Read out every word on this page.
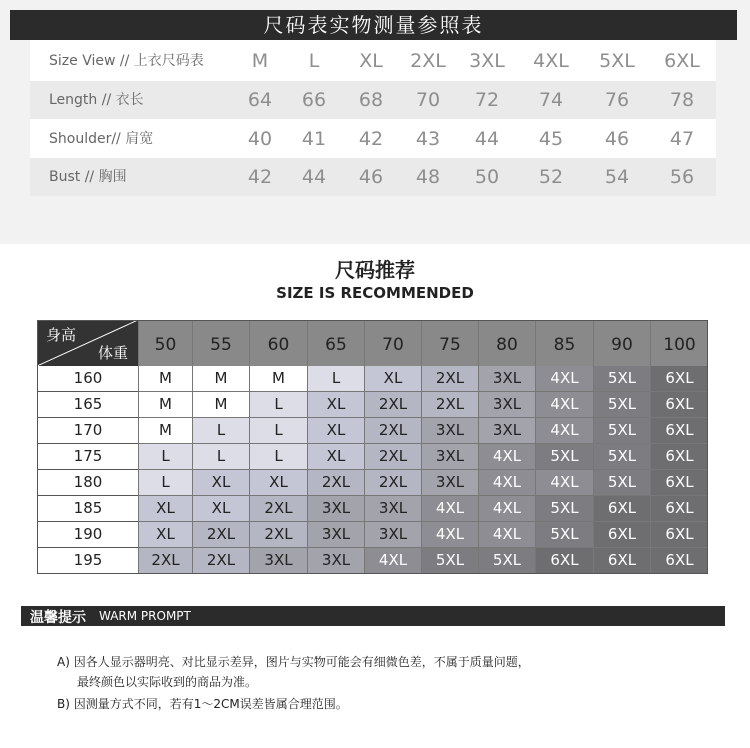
尺码表实物测量参照表
Size View // 上衣尺码表	M	L	XL	2XL	3XL	4XL	5XL	6XL
Length // 衣长	64	66	68	70	72	74	76	78
Shoulder// 肩宽	40	41	42	43	44	45	46	47
Bust // 胸围	42	44	46	48	50	52	54	56
尺码推荐
SIZE IS RECOMMENDED
身高
体重	50	55	60	65	70	75	80	85	90	100
160	M	M	M	L	XL	2XL	3XL	4XL	5XL	6XL
165	M	M	L	XL	2XL	2XL	3XL	4XL	5XL	6XL
170	M	L	L	XL	2XL	3XL	3XL	4XL	5XL	6XL
175	L	L	L	XL	2XL	3XL	4XL	5XL	5XL	6XL
180	L	XL	XL	2XL	2XL	3XL	4XL	4XL	5XL	6XL
185	XL	XL	2XL	3XL	3XL	4XL	4XL	5XL	6XL	6XL
190	XL	2XL	2XL	3XL	3XL	4XL	4XL	5XL	6XL	6XL
195	2XL	2XL	3XL	3XL	4XL	5XL	5XL	6XL	6XL	6XL
温馨提示 WARM PROMPT
A) 因各人显示器明亮、对比显示差异，图片与实物可能会有细微色差，不属于质量问题，
最终颜色以实际收到的商品为准。
B) 因测量方式不同，若有1～2CM误差皆属合理范围。
